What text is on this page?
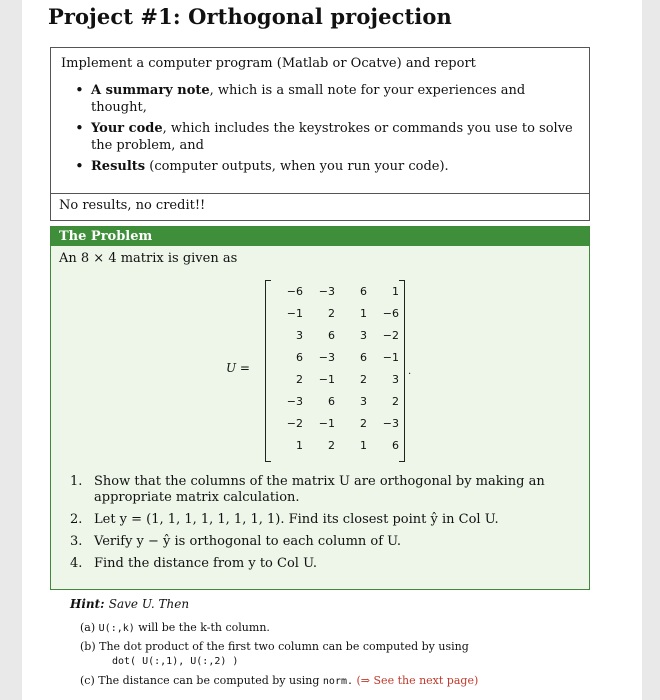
Project #1: Orthogonal projection
Implement a computer program (Matlab or Ocatve) and report
• A summary note, which is a small note for your experiences and thought,
• Your code, which includes the keystrokes or commands you use to solve the problem, and
• Results (computer outputs, when you run your code).
No results, no credit!!
The Problem
An 8 × 4 matrix is given as
U =
−6	−3	6	1
−1	2	1	−6
3	6	3	−2
6	−3	6	−1
2	−1	2	3
−3	6	3	2
−2	−1	2	−3
1	2	1	6
.
1. Show that the columns of the matrix U are orthogonal by making an appropriate matrix calculation.
2. Let y = (1, 1, 1, 1, 1, 1, 1, 1). Find its closest point ŷ in Col U.
3. Verify y − ŷ is orthogonal to each column of U.
4. Find the distance from y to Col U.
Hint: Save U. Then
(a) U(:,k) will be the k-th column.
(b) The dot product of the first two column can be computed by using
dot( U(:,1), U(:,2) )
(c) The distance can be computed by using norm. (⇒ See the next page)
